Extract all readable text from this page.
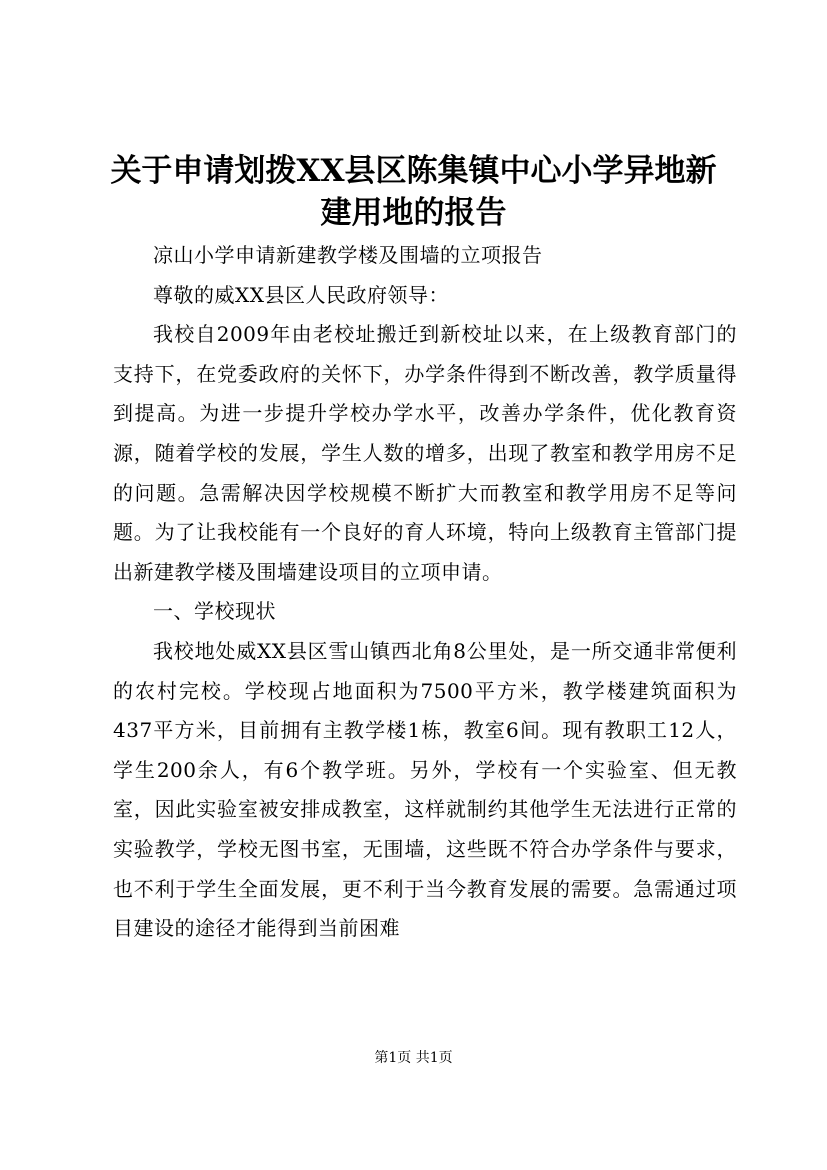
关于申请划拨XX县区陈集镇中心小学异地新建用地的报告

凉山小学申请新建教学楼及围墙的立项报告

尊敬的威XX县区人民政府领导：

我校自2009年由老校址搬迁到新校址以来，在上级教育部门的支持下，在党委政府的关怀下，办学条件得到不断改善，教学质量得到提高。为进一步提升学校办学水平，改善办学条件，优化教育资源，随着学校的发展，学生人数的增多，出现了教室和教学用房不足的问题。急需解决因学校规模不断扩大而教室和教学用房不足等问题。为了让我校能有一个良好的育人环境，特向上级教育主管部门提出新建教学楼及围墙建设项目的立项申请。

一、学校现状

我校地处威XX县区雪山镇西北角8公里处，是一所交通非常便利的农村完校。学校现占地面积为7500平方米，教学楼建筑面积为437平方米，目前拥有主教学楼1栋，教室6间。现有教职工12人，学生200余人，有6个教学班。另外，学校有一个实验室、但无教室，因此实验室被安排成教室，这样就制约其他学生无法进行正常的实验教学，学校无图书室，无围墙，这些既不符合办学条件与要求，也不利于学生全面发展，更不利于当今教育发展的需要。急需通过项目建设的途径才能得到当前困难

第1页 共1页
